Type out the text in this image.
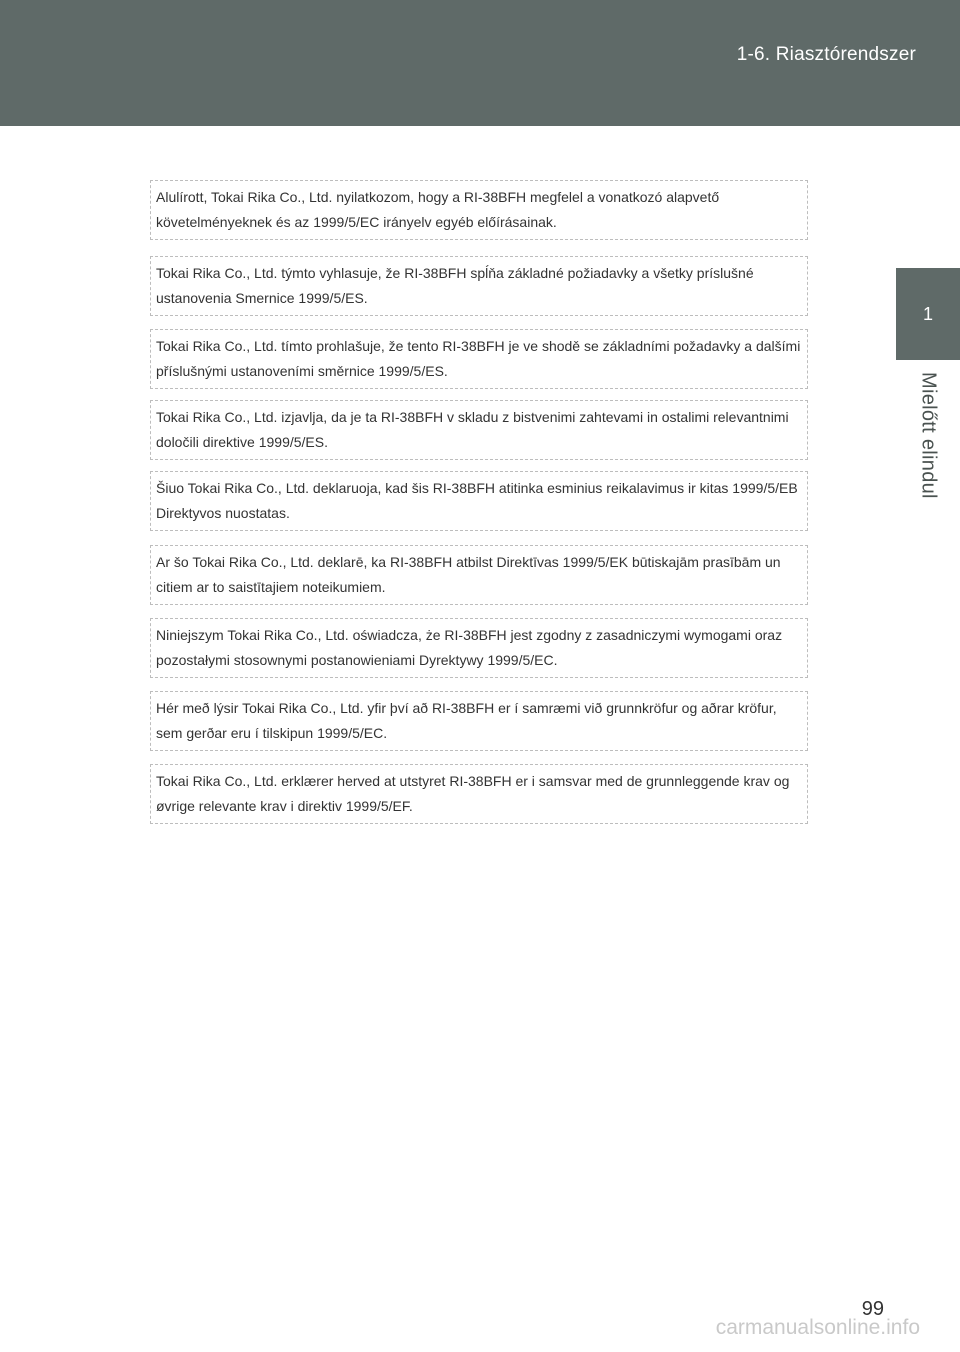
1-6. Riasztórendszer
1
Mielőtt elindul
Alulírott, Tokai Rika Co., Ltd. nyilatkozom, hogy a RI-38BFH megfelel a vonatkozó alapvető követelményeknek és az 1999/5/EC irányelv egyéb előírásainak.
Tokai Rika Co., Ltd. týmto vyhlasuje, že RI-38BFH spĺňa základné požiadavky a všetky príslušné ustanovenia Smernice 1999/5/ES.
Tokai Rika Co., Ltd. tímto prohlašuje, že tento RI-38BFH je ve shodě se základními požadavky a dalšími příslušnými ustanoveními směrnice 1999/5/ES.
Tokai Rika Co., Ltd. izjavlja, da je ta RI-38BFH v skladu z bistvenimi zahtevami in ostalimi relevantnimi določili direktive 1999/5/ES.
Šiuo Tokai Rika Co., Ltd. deklaruoja, kad šis RI-38BFH atitinka esminius reikalavimus ir kitas 1999/5/EB Direktyvos nuostatas.
Ar šo Tokai Rika Co., Ltd. deklarē, ka RI-38BFH atbilst Direktīvas 1999/5/EK būtiskajām prasībām un citiem ar to saistītajiem noteikumiem.
Niniejszym Tokai Rika Co., Ltd. oświadcza, że RI-38BFH jest zgodny z zasadniczymi wymogami oraz pozostałymi stosownymi postanowieniami Dyrektywy 1999/5/EC.
Hér með lýsir Tokai Rika Co., Ltd. yfir því að RI-38BFH er í samræmi við grunnkröfur og aðrar kröfur, sem gerðar eru í tilskipun 1999/5/EC.
Tokai Rika Co., Ltd. erklærer herved at utstyret RI-38BFH er i samsvar med de grunnleggende krav og øvrige relevante krav i direktiv 1999/5/EF.
99
carmanualsonline.info
